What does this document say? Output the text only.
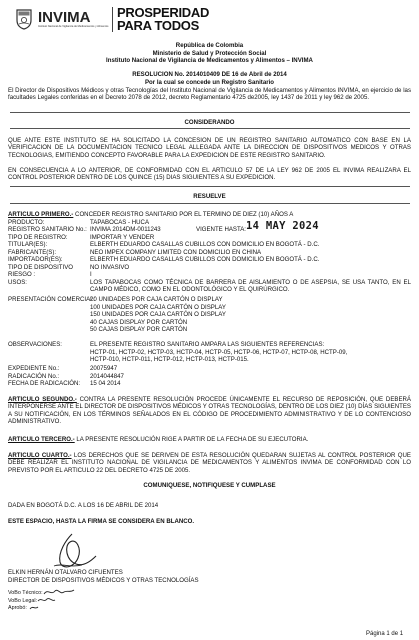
INVIMA
Instituto Nacional de Vigilancia de Medicamentos y Alimentos
PROSPERIDAD
PARA TODOS
República de Colombia
Ministerio de Salud y Protección Social
Instituto Nacional de Vigilancia de Medicamentos y Alimentos – INVIMA
RESOLUCION No. 2014010409 DE 16 de Abril de 2014
Por la cual se concede un Registro Sanitario
El Director de Dispositivos Médicos y otras Tecnologías del Instituto Nacional de Vigilancia de Medicamentos y Alimentos INVIMA, en ejercicio de las facultades Legales conferidas en el Decreto 2078 de 2012, decreto Reglamentario 4725 de2005, ley 1437 de 2011 y ley 962 de 2005.
CONSIDERANDO
QUE ANTE ESTE INSTITUTO SE HA SOLICITADO LA CONCESION DE UN REGISTRO SANITARIO AUTOMATICO CON BASE EN LA VERIFICACION DE LA DOCUMENTACION TECNICO LEGAL ALLEGADA ANTE LA DIRECCION DE DISPOSITIVOS MEDICOS Y OTRAS TECNOLOGIAS, EMITIENDO CONCEPTO FAVORABLE PARA LA EXPEDICION DE ESTE REGISTRO SANITARIO.
EN CONSECUENCIA A LO ANTERIOR, DE CONFORMIDAD CON EL ARTICULO 57 DE LA LEY 962 DE 2005 EL INVIMA REALIZARA EL CONTROL POSTERIOR DENTRO DE LOS QUINCE (15) DIAS SIGUIENTES A SU EXPEDICION.
RESUELVE
ARTICULO PRIMERO.- CONCEDER REGISTRO SANITARIO POR EL TERMINO DE DIEZ (10) AÑOS A
PRODUCTO:	TAPABOCAS - HUCA
REGISTRO SANITARIO No.: INVIMA 2014DM-0011243	VIGENTE HASTA: 14 MAY 2024
TIPO DE REGISTRO:	IMPORTAR Y VENDER
TITULAR(ES):	ELBERTH EDUARDO CASALLAS CUBILLOS CON DOMICILIO EN BOGOTÁ - D.C.
FABRICANTE(S):	NEO IMPEX COMPANY LIMITED CON DOMICILIO EN CHINA
IMPORTADOR(ES):	ELBERTH EDUARDO CASALLAS CUBILLOS CON DOMICILIO EN BOGOTÁ - D.C.
TIPO DE DISPOSITIVO	NO INVASIVO
RIESGO :	I
USOS:	LOS TAPABOCAS COMO TÉCNICA DE BARRERA DE AISLAMIENTO O DE ASEPSIA, SE USA TANTO, EN EL CAMPO MÉDICO, COMO EN EL ODONTOLÓGICO Y EL QUIRÚRGICO.
PRESENTACIÓN COMERCIAL:
20 UNIDADES POR CAJA CARTÓN O DISPLAY
100 UNIDADES POR CAJA CARTÓN O DISPLAY
150 UNIDADES POR CAJA CARTÓN O DISPLAY
40 CAJAS DISPLAY POR CARTÓN
50 CAJAS DISPLAY POR CARTÓN
OBSERVACIONES:	EL PRESENTE REGISTRO SANITARIO AMPARA LAS SIGUIENTES REFERENCIAS:
HCTP-01, HCTP-02, HCTP-03, HCTP-04, HCTP-05, HCTP-06, HCTP-07, HCTP-08, HCTP-09,
HCTP-010, HCTP-011, HCTP-012, HCTP-013, HCTP-015.
EXPEDIENTE No.:	20075947
RADICACIÓN No.:	2014044847
FECHA DE RADICACIÓN: 15 04 2014
ARTICULO SEGUNDO.- CONTRA LA PRESENTE RESOLUCIÓN PROCEDE ÚNICAMENTE EL RECURSO DE REPOSICIÓN, QUE DEBERÁ INTERPONERSE ANTE EL DIRECTOR DE DISPOSITIVOS MÉDICOS Y OTRAS TECNOLOGÍAS, DENTRO DE LOS DIEZ (10) DÍAS SIGUIENTES A SU NOTIFICACIÓN, EN LOS TÉRMINOS SEÑALADOS EN EL CÓDIGO DE PROCEDIMIENTO ADMINISTRATIVO Y DE LO CONTENCIOSO ADMINISTRATIVO.
ARTICULO TERCERO.- LA PRESENTE RESOLUCIÓN RIGE A PARTIR DE LA FECHA DE SU EJECUTORIA.
ARTICULO CUARTO.- LOS DERECHOS QUE SE DERIVEN DE ESTA RESOLUCIÓN QUEDARAN SUJETAS AL CONTROL POSTERIOR QUE DEBE REALIZAR EL INSTITUTO NACIONAL DE VIGILANCIA DE MEDICAMENTOS Y ALIMENTOS INVIMA DE CONFORMIDAD CON LO PREVISTO POR EL ARTICULO 22 DEL DECRETO 4725 DE 2005.
COMUNIQUESE, NOTIFIQUESE Y CUMPLASE
DADA EN BOGOTÁ D.C. A LOS 16 DE ABRIL DE 2014
ESTE ESPACIO, HASTA LA FIRMA SE CONSIDERA EN BLANCO.
ELKIN HERNÁN OTALVARO CIFUENTES
DIRECTOR DE DISPOSITIVOS MÉDICOS Y OTRAS TECNOLOGÍAS
VoBo Técnico:
VoBo Legal:
Aprobó:
Página 1 de 1
